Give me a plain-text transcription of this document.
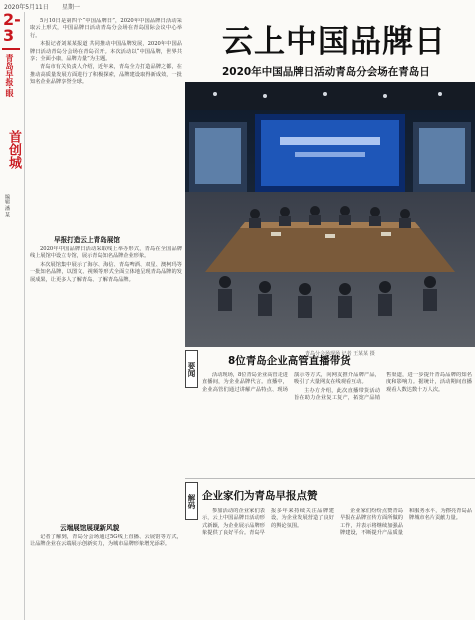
2020年5月11日 星期一
2-3
青岛早报·眼
首创城
编辑 潘 某
云上中国品牌日
2020年中国品牌日活动青岛分会场在青岛日

5月10日是第四个“中国品牌日”，2020年中国品牌日活动采取云上形式，中国品牌日活动青岛分会场在青岛国际会议中心举行。

本报记者刘某某报道 共同推动中国品牌发展，2020年中国品牌日活动青岛分会场在青岛召开。本次活动以“中国品牌，世界共享；全面小康，品牌力量”为主题。

青岛市有关负责人介绍，近年来，青岛全力打造品牌之都，在推动高质量发展方面进行了积极探索，品牌建设取得新成效，一批知名企业品牌享誉全球。

早报打造云上青岛展馆

2020年中国品牌日活动采取线上举办形式，青岛在全国品牌线上展馆中设立专馆，展示青岛知名品牌企业形象。

本次展馆集中展示了海尔、海信、青岛啤酒、双星、澳柯玛等一批知名品牌，以图文、视频等形式全面立体地呈现青岛品牌的发展成果，让更多人了解青岛、了解青岛品牌。

云端展馆展现新风貌

记者了解到，青岛分会场通过5G线上直播、云展馆等方式，让品牌企业在云端展示创新实力，为城市品牌形象增光添彩。

青岛分会场现场 记者 王某某 摄
要闻
8位青岛企业高管直播带货

活动现场，8位青岛企业高管走进直播间，为企业品牌代言。直播中，企业高管们通过讲解产品特点、现场演示等方式，向网友推介品牌产品，吸引了大量网友在线观看互动。

主办方介绍，此次直播带货活动旨在助力企业复工复产，拓宽产品销售渠道，进一步提升青岛品牌的知名度和影响力。据统计，活动期间直播观看人数达数十万人次。

解码 企业家们为青岛早报点赞

参加活动的企业家们表示，云上中国品牌日活动形式新颖，为企业展示品牌形象提供了良好平台。青岛早报多年来持续关注品牌建设，为企业发展营造了良好的舆论氛围。

企业家们纷纷点赞青岛早报在品牌宣传方面所做的工作，并表示将继续加强品牌建设，不断提升产品质量和服务水平，为擦亮青岛品牌城市名片贡献力量。
